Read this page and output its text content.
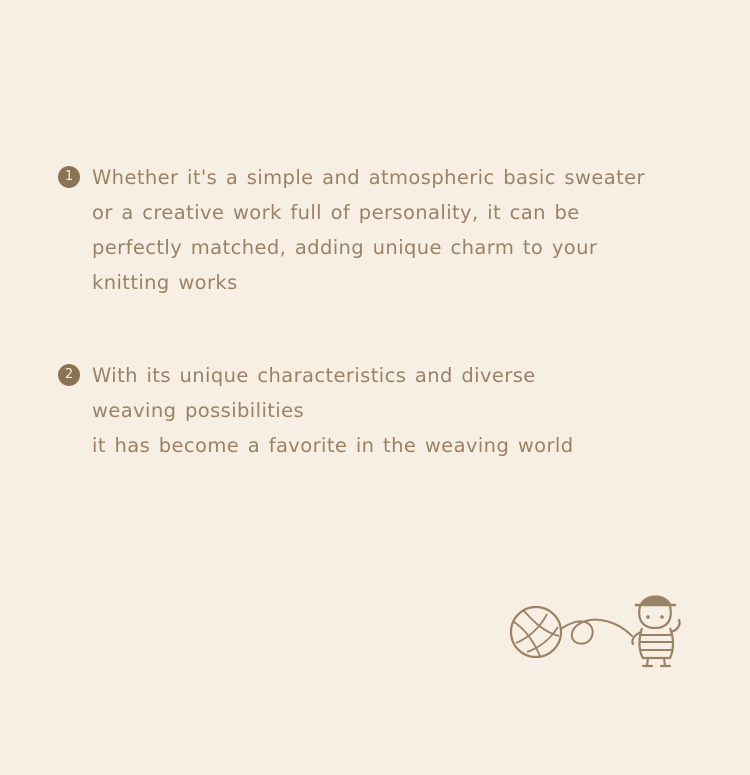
1 Whether it's a simple and atmospheric basic sweater
or a creative work full of personality, it can be
perfectly matched, adding unique charm to your
knitting works
2 With its unique characteristics and diverse
weaving possibilities
it has become a favorite in the weaving world
